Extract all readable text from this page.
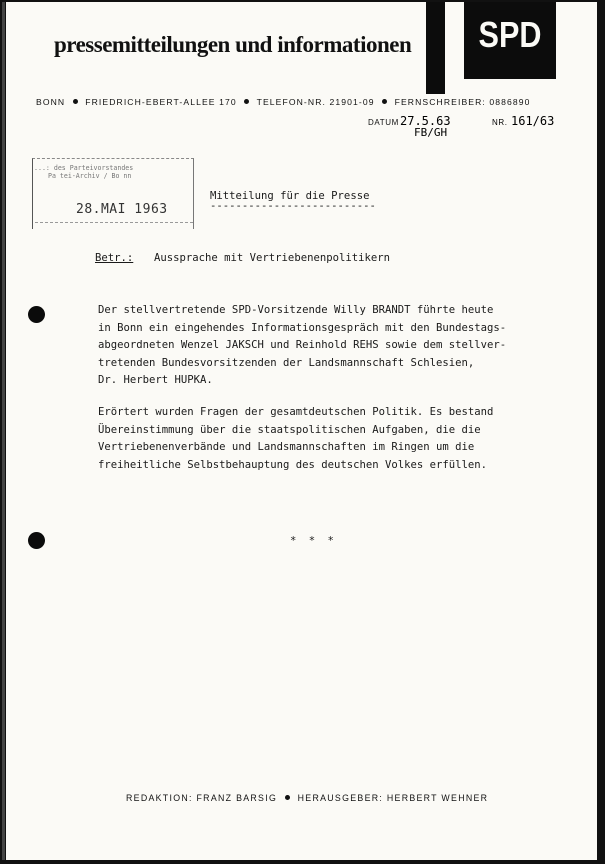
pressemitteilungen und informationen SPD
BONN FRIEDRICH-EBERT-ALLEE 170 TELEFON-NR. 21901-09 FERNSCHREIBER: 0886890
DATUM 27.5.63	NR. 161/63
FB/GH
...: des Parteivorstandes
Pa tei-Archiv / Bo nn
28.MAI 1963
Mitteilung für die Presse
--------------------------
Betr.: Aussprache mit Vertriebenenpolitikern
Der stellvertretende SPD-Vorsitzende Willy BRANDT führte heute
in Bonn ein eingehendes Informationsgespräch mit den Bundestags-
abgeordneten Wenzel JAKSCH und Reinhold REHS sowie dem stellver-
tretenden Bundesvorsitzenden der Landsmannschaft Schlesien,
Dr. Herbert HUPKA.
Erörtert wurden Fragen der gesamtdeutschen Politik. Es bestand
Übereinstimmung über die staatspolitischen Aufgaben, die die
Vertriebenenverbände und Landsmannschaften im Ringen um die
freiheitliche Selbstbehauptung des deutschen Volkes erfüllen.
* * *
REDAKTION: FRANZ BARSIG HERAUSGEBER: HERBERT WEHNER
